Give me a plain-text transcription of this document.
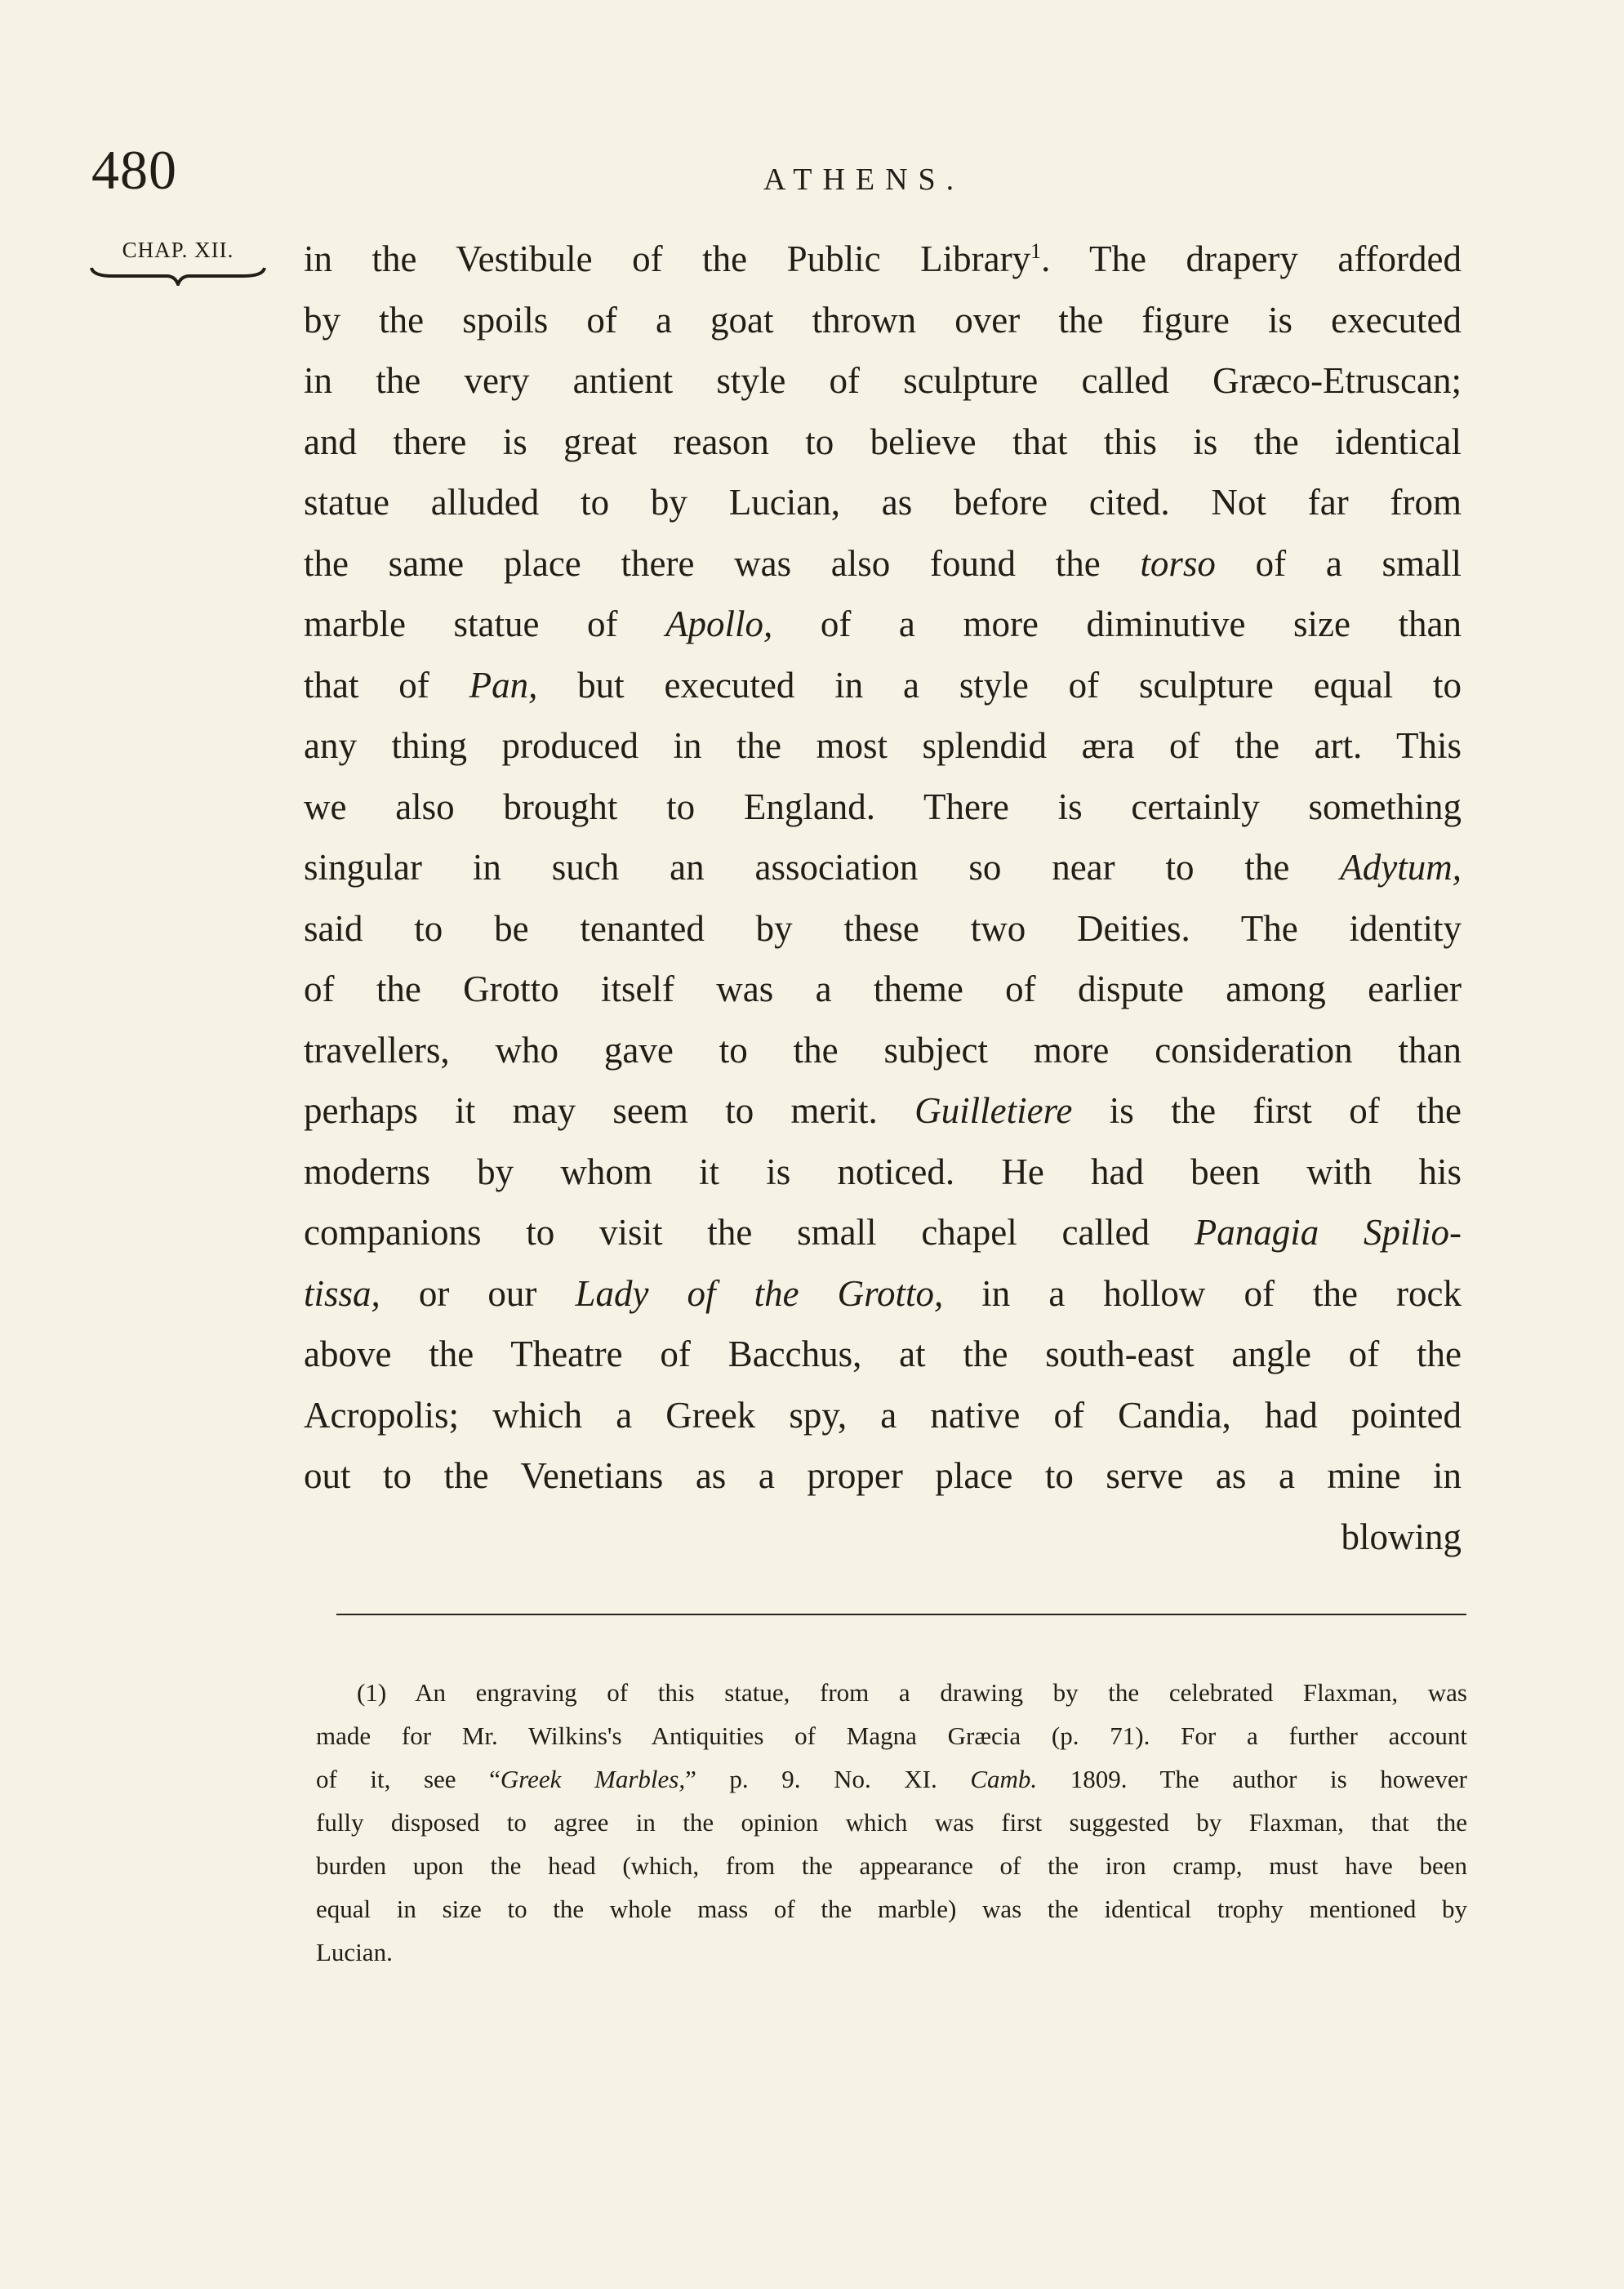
480	ATHENS.
CHAP. XII.	in the Vestibule of the Public Library$^1$. The drapery afforded
by the spoils of a goat thrown over the figure is executed
in the very antient style of sculpture called Græco-Etruscan;
and there is great reason to believe that this is the identical
statue alluded to by Lucian, as before cited. Not far from
the same place there was also found the torso of a small
marble statue of Apollo, of a more diminutive size than
that of Pan, but executed in a style of sculpture equal to
any thing produced in the most splendid æra of the art. This
we also brought to England. There is certainly something
singular in such an association so near to the Adytum,
said to be tenanted by these two Deities. The identity
of the Grotto itself was a theme of dispute among earlier
travellers, who gave to the subject more consideration than
perhaps it may seem to merit. Guilletiere is the first of the
moderns by whom it is noticed. He had been with his
companions to visit the small chapel called Panagia Spilio-
tissa, or our Lady of the Grotto, in a hollow of the rock
above the Theatre of Bacchus, at the south-east angle of the
Acropolis; which a Greek spy, a native of Candia, had pointed
out to the Venetians as a proper place to serve as a mine in
blowing
(1) An engraving of this statue, from a drawing by the celebrated Flaxman, was
made for Mr. Wilkins's Antiquities of Magna Græcia (p. 71). For a further account
of it, see “Greek Marbles,” p. 9. No. XI. Camb. 1809. The author is however
fully disposed to agree in the opinion which was first suggested by Flaxman, that the
burden upon the head (which, from the appearance of the iron cramp, must have been
equal in size to the whole mass of the marble) was the identical trophy mentioned by
Lucian.
